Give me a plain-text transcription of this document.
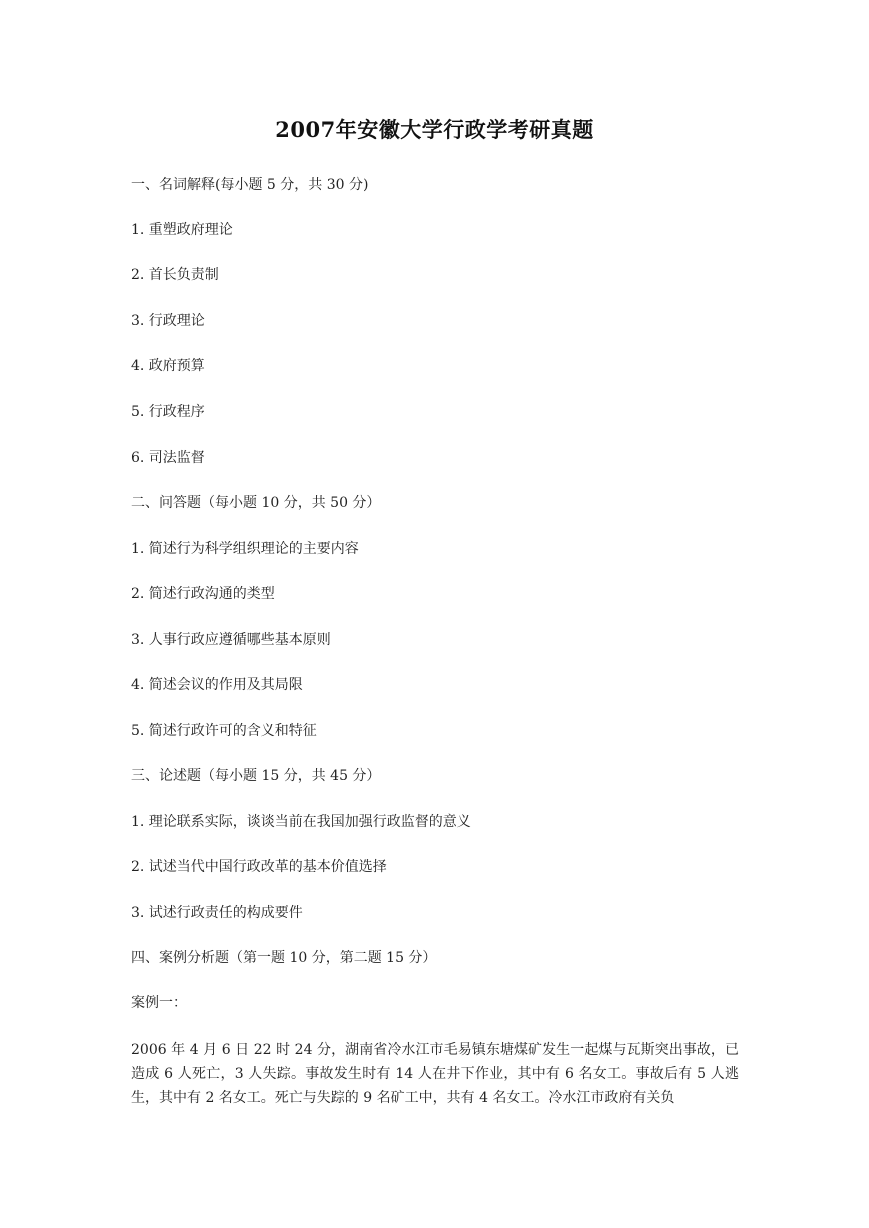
2007年安徽大学行政学考研真题
一、名词解释(每小题 5 分，共 30 分)
1. 重塑政府理论
2. 首长负责制
3. 行政理论
4. 政府预算
5. 行政程序
6. 司法监督
二、问答题（每小题 10 分，共 50 分）
1. 简述行为科学组织理论的主要内容
2. 简述行政沟通的类型
3. 人事行政应遵循哪些基本原则
4. 简述会议的作用及其局限
5. 简述行政许可的含义和特征
三、论述题（每小题 15 分，共 45 分）
1. 理论联系实际，谈谈当前在我国加强行政监督的意义
2. 试述当代中国行政改革的基本价值选择
3. 试述行政责任的构成要件
四、案例分析题（第一题 10 分，第二题 15 分）
案例一：
2006 年 4 月 6 日 22 时 24 分，湖南省冷水江市毛易镇东塘煤矿发生一起煤与瓦斯突出事故，已造成 6 人死亡，3 人失踪。事故发生时有 14 人在井下作业，其中有 6 名女工。事故后有 5 人逃生，其中有 2 名女工。死亡与失踪的 9 名矿工中，共有 4 名女工。冷水江市政府有关负
